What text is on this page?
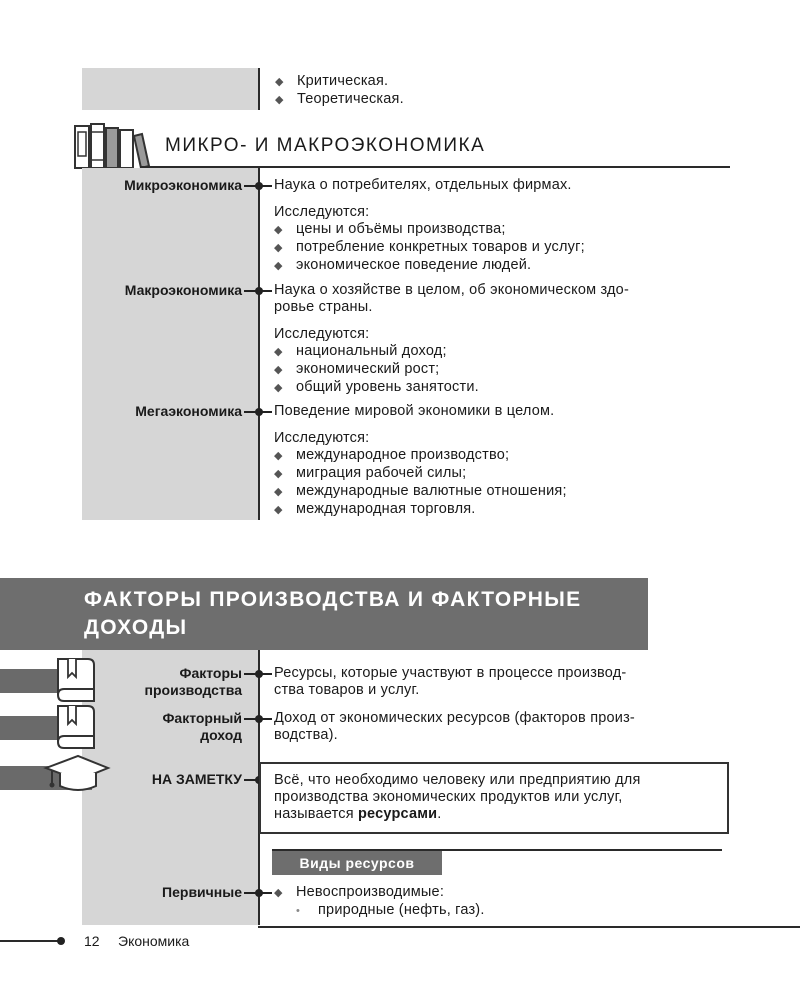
◆ Критическая.
◆ Теоретическая.
МИКРО- И МАКРОЭКОНОМИКА
Микроэкономика Наука о потребителях, отдельных фирмах.
Исследуются:
◆ цены и объёмы производства;
◆ потребление конкретных товаров и услуг;
◆ экономическое поведение людей.
Макроэкономика Наука о хозяйстве в целом, об экономическом здо-
ровье страны.
Исследуются:
◆ национальный доход;
◆ экономический рост;
◆ общий уровень занятости.
Мегаэкономика Поведение мировой экономики в целом.
Исследуются:
◆ международное производство;
◆ миграция рабочей силы;
◆ международные валютные отношения;
◆ международная торговля.
ФАКТОРЫ ПРОИЗВОДСТВА И ФАКТОРНЫЕ
ДОХОДЫ
Факторы
производства
Ресурсы, которые участвуют в процессе производ-
ства товаров и услуг.
Факторный
доход
Доход от экономических ресурсов (факторов произ-
водства).
НА ЗАМЕТКУ Всё, что необходимо человеку или предприятию для
производства экономических продуктов или услуг,
называется ресурсами.
Виды ресурсов
Первичные	◆ Невоспроизводимые:
• природные (нефть, газ).
12 Экономика
